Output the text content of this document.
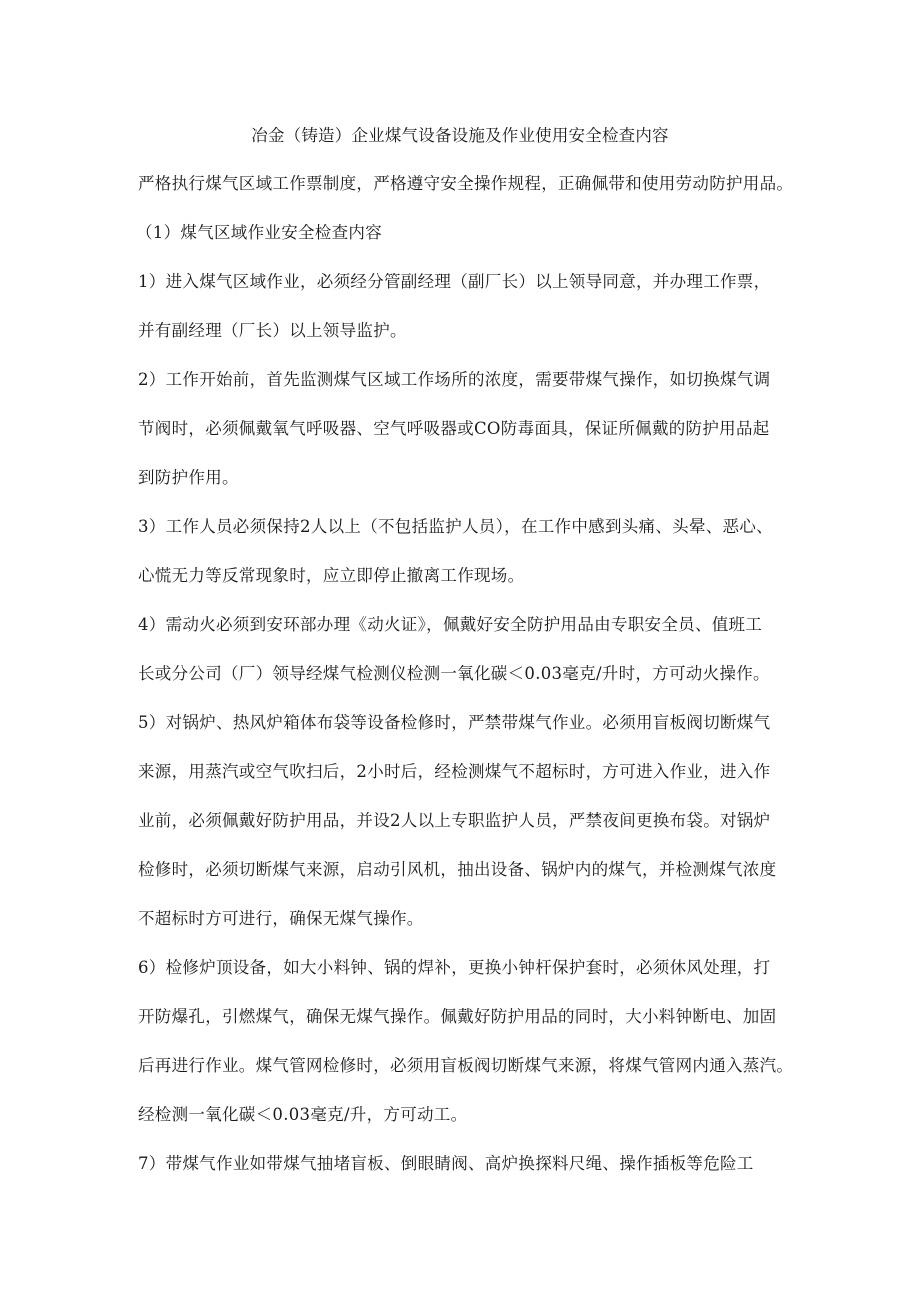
冶金（铸造）企业煤气设备设施及作业使用安全检查内容
严格执行煤气区域工作票制度，严格遵守安全操作规程，正确佩带和使用劳动防护用品。
（1）煤气区域作业安全检查内容
1）进入煤气区域作业，必须经分管副经理（副厂长）以上领导同意，并办理工作票，
并有副经理（厂长）以上领导监护。
2）工作开始前，首先监测煤气区域工作场所的浓度，需要带煤气操作，如切换煤气调
节阀时，必须佩戴氧气呼吸器、空气呼吸器或CO防毒面具，保证所佩戴的防护用品起
到防护作用。
3）工作人员必须保持2人以上（不包括监护人员），在工作中感到头痛、头晕、恶心、
心慌无力等反常现象时，应立即停止撤离工作现场。
4）需动火必须到安环部办理《动火证》，佩戴好安全防护用品由专职安全员、值班工
长或分公司（厂）领导经煤气检测仪检测一氧化碳＜0.03毫克/升时，方可动火操作。
5）对锅炉、热风炉箱体布袋等设备检修时，严禁带煤气作业。必须用盲板阀切断煤气
来源，用蒸汽或空气吹扫后，2小时后，经检测煤气不超标时，方可进入作业，进入作
业前，必须佩戴好防护用品，并设2人以上专职监护人员，严禁夜间更换布袋。对锅炉
检修时，必须切断煤气来源，启动引风机，抽出设备、锅炉内的煤气，并检测煤气浓度
不超标时方可进行，确保无煤气操作。
6）检修炉顶设备，如大小料钟、锅的焊补，更换小钟杆保护套时，必须休风处理，打
开防爆孔，引燃煤气，确保无煤气操作。佩戴好防护用品的同时，大小料钟断电、加固
后再进行作业。煤气管网检修时，必须用盲板阀切断煤气来源，将煤气管网内通入蒸汽。
经检测一氧化碳＜0.03毫克/升，方可动工。
7）带煤气作业如带煤气抽堵盲板、倒眼睛阀、高炉换探料尺绳、操作插板等危险工
